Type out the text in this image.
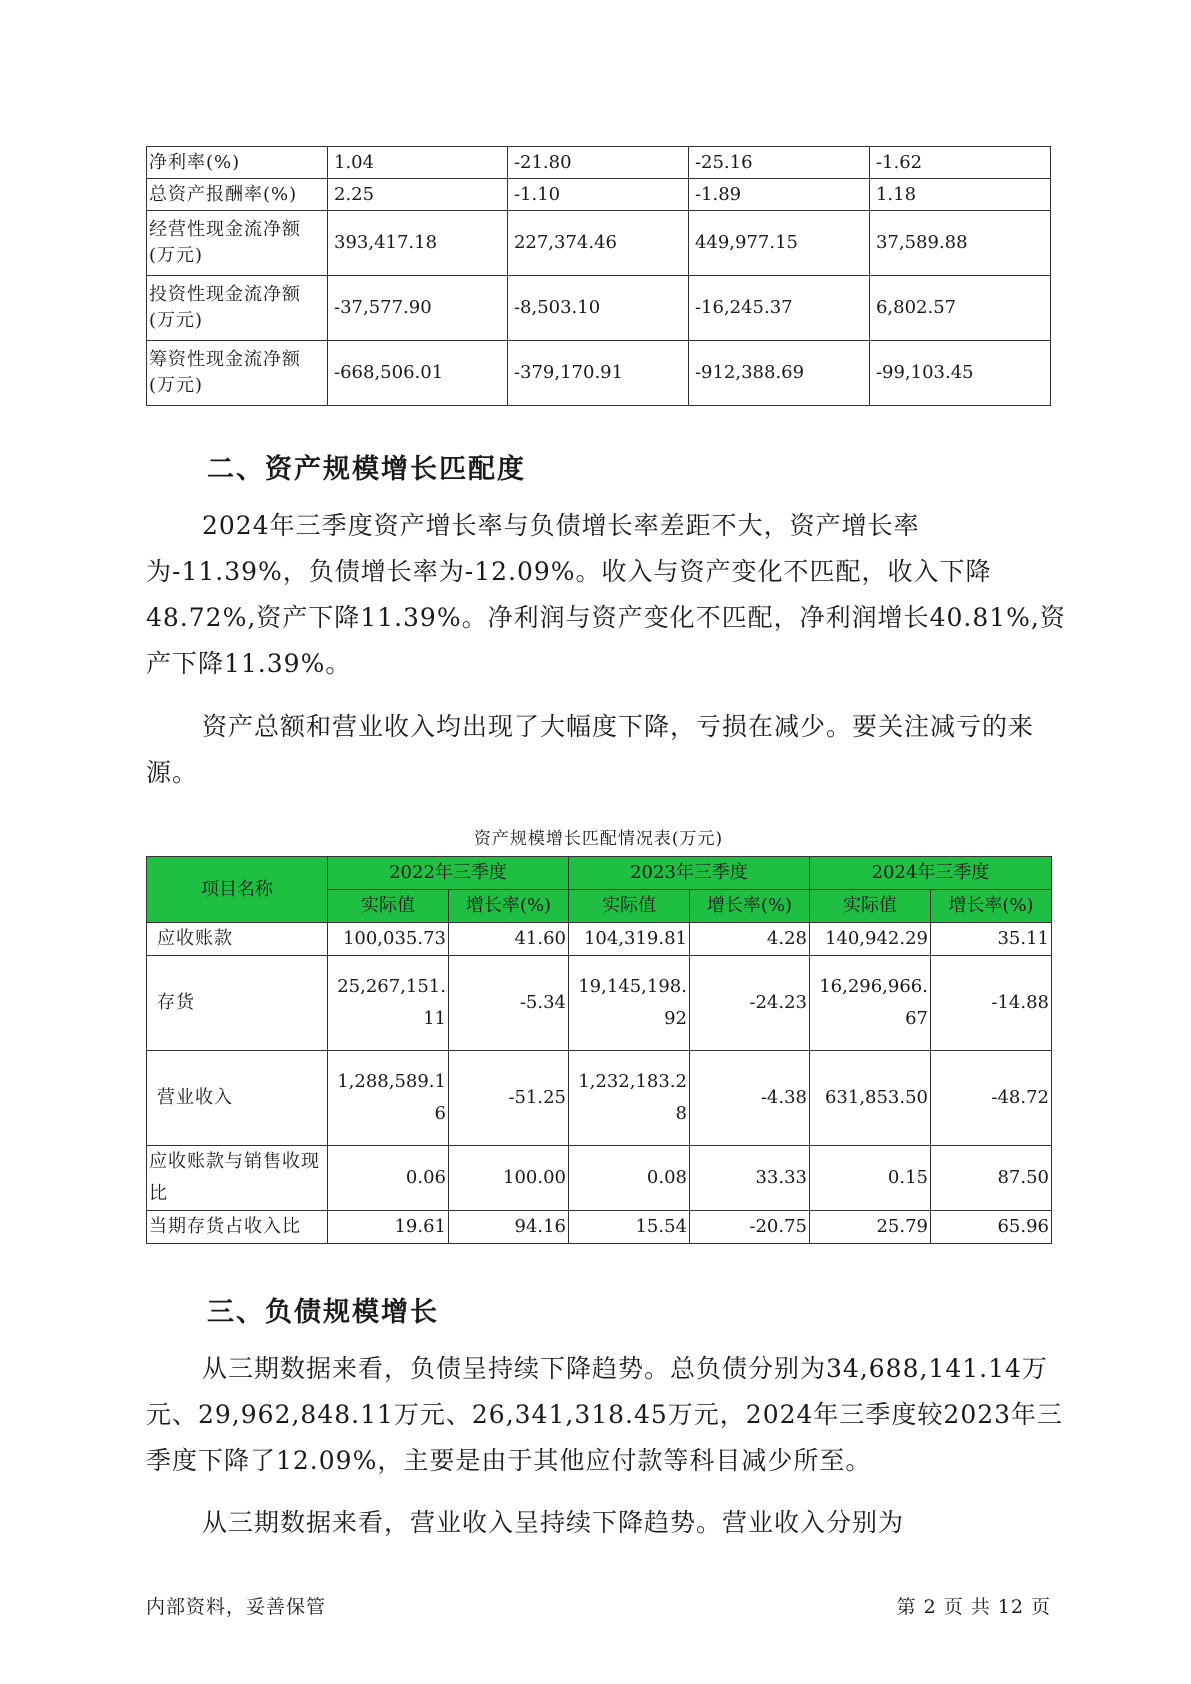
净利率(%)	1.04	-21.80	-25.16	-1.62
总资产报酬率(%)	2.25	-1.10	-1.89	1.18
经营性现金流净额(万元)	393,417.18	227,374.46	449,977.15	37,589.88
投资性现金流净额(万元)	-37,577.90	-8,503.10	-16,245.37	6,802.57
筹资性现金流净额(万元)	-668,506.01	-379,170.91	-912,388.69	-99,103.45
二、资产规模增长匹配度

2024年三季度资产增长率与负债增长率差距不大，资产增长率为-11.39%，负债增长率为-12.09%。收入与资产变化不匹配，收入下降48.72%,资产下降11.39%。净利润与资产变化不匹配，净利润增长40.81%,资产下降11.39%。

资产总额和营业收入均出现了大幅度下降，亏损在减少。要关注减亏的来源。

资产规模增长匹配情况表(万元)
项目名称	2022年三季度		2023年三季度		2024年三季度	
	实际值	增长率(%)	实际值	增长率(%)	实际值	增长率(%)
应收账款	100,035.73	41.60	104,319.81	4.28	140,942.29	35.11
存货	25,267,151.11	-5.34	19,145,198.92	-24.23	16,296,966.67	-14.88
营业收入	1,288,589.16	-51.25	1,232,183.28	-4.38	631,853.50	-48.72
应收账款与销售收现比	0.06	100.00	0.08	33.33	0.15	87.50
当期存货占收入比	19.61	94.16	15.54	-20.75	25.79	65.96
三、负债规模增长

从三期数据来看，负债呈持续下降趋势。总负债分别为34,688,141.14万元、29,962,848.11万元、26,341,318.45万元，2024年三季度较2023年三季度下降了12.09%，主要是由于其他应付款等科目减少所至。

从三期数据来看，营业收入呈持续下降趋势。营业收入分别为

内部资料，妥善保管	第 2 页 共 12 页
